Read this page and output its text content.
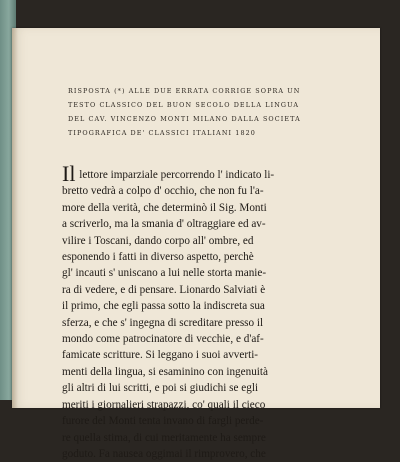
RISPOSTA (*) ALLE DUE ERRATA CORRIGE SOPRA UN
TESTO CLASSICO DEL BUON SECOLO DELLA LINGUA
DEL CAV. VINCENZO MONTI MILANO DALLA SOCIETA
TIPOGRAFICA DE' CLASSICI ITALIANI 1820
Il lettore imparziale percorrendo l' indicato li-
bretto vedrà a colpo d' occhio, che non fu l'a-
more della verità, che determinò il Sig. Monti
a scriverlo, ma la smania d' oltraggiare ed av-
vilire i Toscani, dando corpo all' ombre, ed
esponendo i fatti in diverso aspetto, perchè
gl' incauti s' uniscano a lui nelle storta manie-
ra di vedere, e di pensare. Lionardo Salviati è
il primo, che egli passa sotto la indiscreta sua
sferza, e che s' ingegna di screditare presso il
mondo come patrocinatore di vecchie, e d'af-
famicate scritture. Si leggano i suoi avverti-
menti della lingua, si esaminino con ingenuità
gli altri di lui scritti, e poi si giudichi se egli
meriti i giornalieri strapazzi, co' quali il cieco
furore del Monti tenta invano di fargli perde-
re quella stima, di cui meritamente ha sempre
goduto. Fa nausea oggimai il rimprovero, che
